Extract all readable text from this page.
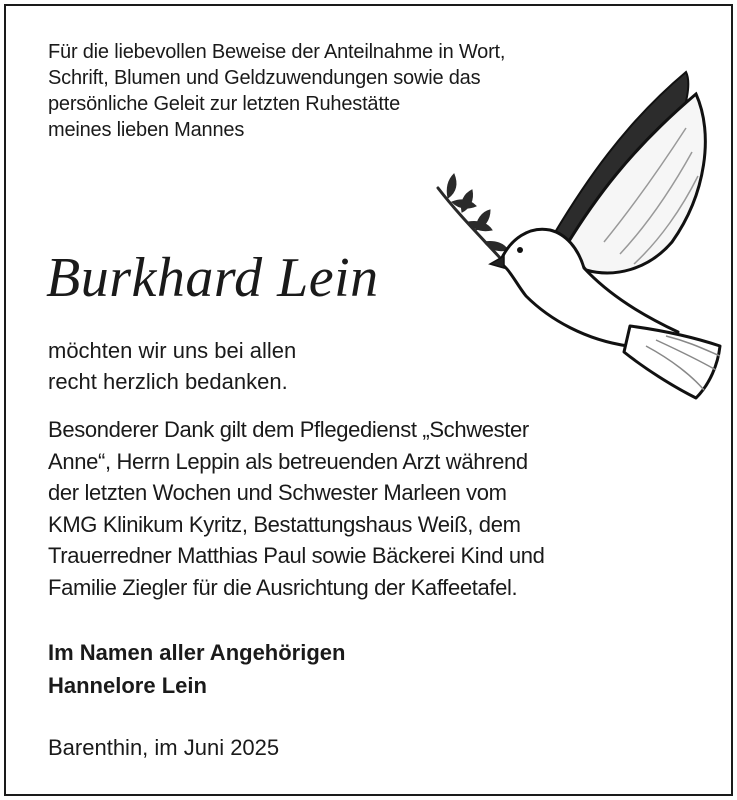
Für die liebevollen Beweise der Anteilnahme in Wort,
Schrift, Blumen und Geldzuwendungen sowie das
persönliche Geleit zur letzten Ruhestätte
meines lieben Mannes

Burkhard Lein

möchten wir uns bei allen
recht herzlich bedanken.

Besonderer Dank gilt dem Pflegedienst „Schwester
Anne“, Herrn Leppin als betreuenden Arzt während
der letzten Wochen und Schwester Marleen vom
KMG Klinikum Kyritz, Bestattungshaus Weiß, dem
Trauerredner Matthias Paul sowie Bäckerei Kind und
Familie Ziegler für die Ausrichtung der Kaffeetafel.

Im Namen aller Angehörigen
Hannelore Lein

Barenthin, im Juni 2025
